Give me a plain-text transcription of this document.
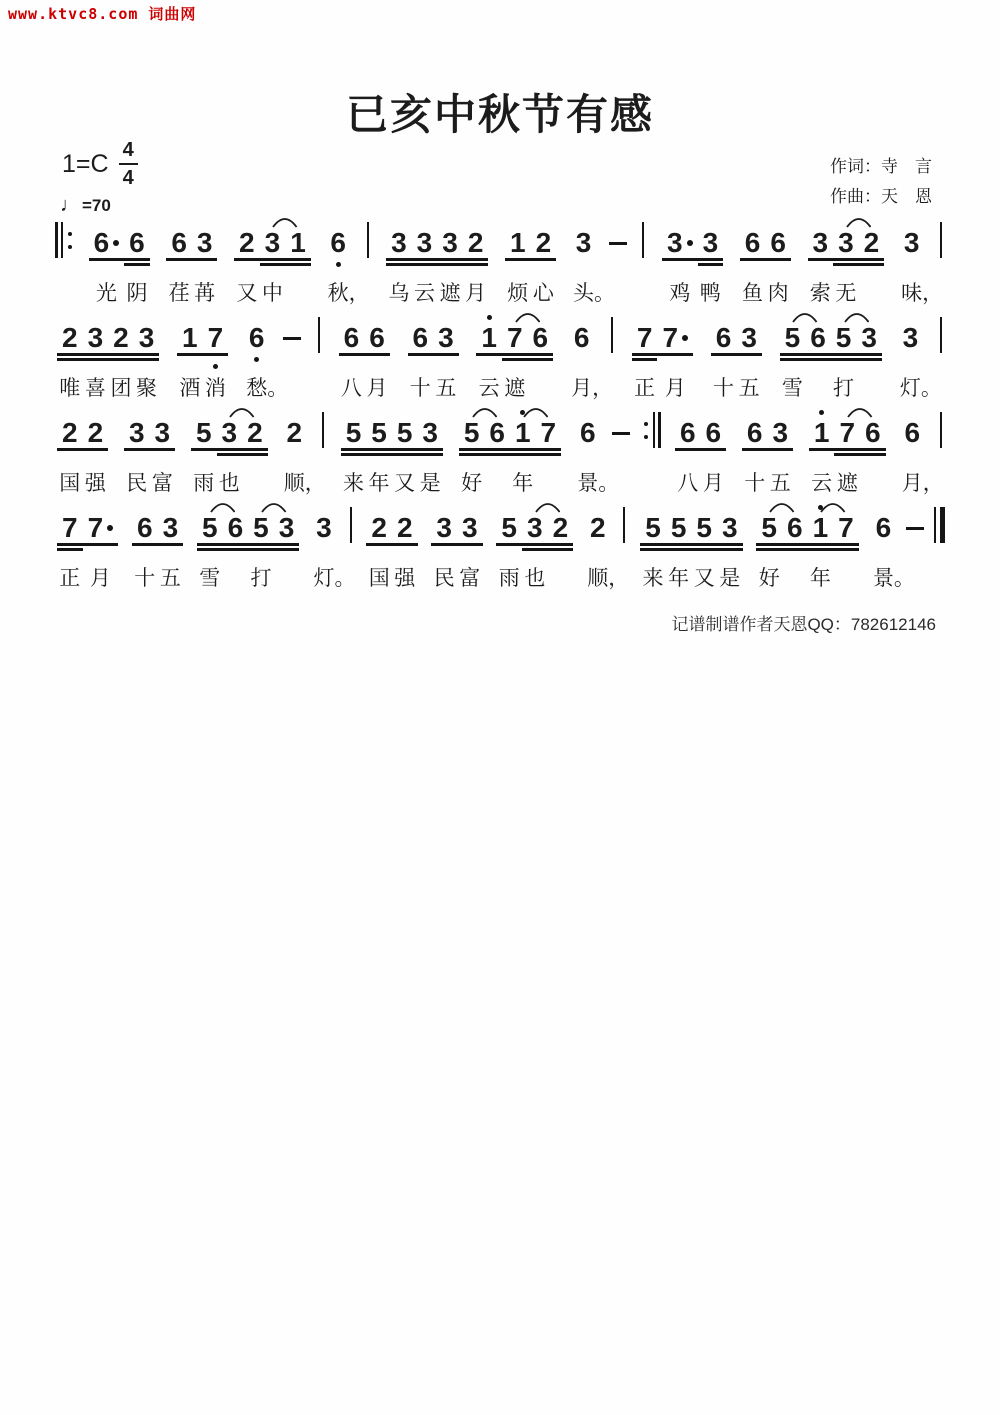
www.ktvc8.com 词曲网
已亥中秋节有感
$1=C \frac{4}{4}$
♩ =70
作词：寺　言
作曲：天　恩
6
光
6
阴
6
荏
3
苒
2
又
3
中
1 6
秋 ，
3
乌
3
云
3
遮
2
月
1
烦
2
心
3
头 。
3
鸡
3
鸭
6
鱼
6
肉
3
索
3
无
2 3
味 ，
2
唯
3
喜
2
团
3
聚
1
酒
7
消
6
愁 。
6
八
6
月
6
十
3
五
1
云
7
遮
6 6
月 ，
7
正
7
月
6
十
3
五
5
雪
6 5
打
3 3
灯 。
2
国
2
强
3
民
3
富
5
雨
3
也
2 2
顺 ，
5
来
5
年
5
又
3
是
5
好
6 1
年
7 6
景 。
6
八
6
月
6
十
3
五
1
云
7
遮
6 6
月 ，
7
正
7
月
6
十
3
五
5
雪
6 5
打
3 3
灯 。
2
国
2
强
3
民
3
富
5
雨
3
也
2 2
顺 ，
5
来
5
年
5
又
3
是
5
好
6 1
年
7 6
景 。
记谱制谱作者天恩QQ：782612146
